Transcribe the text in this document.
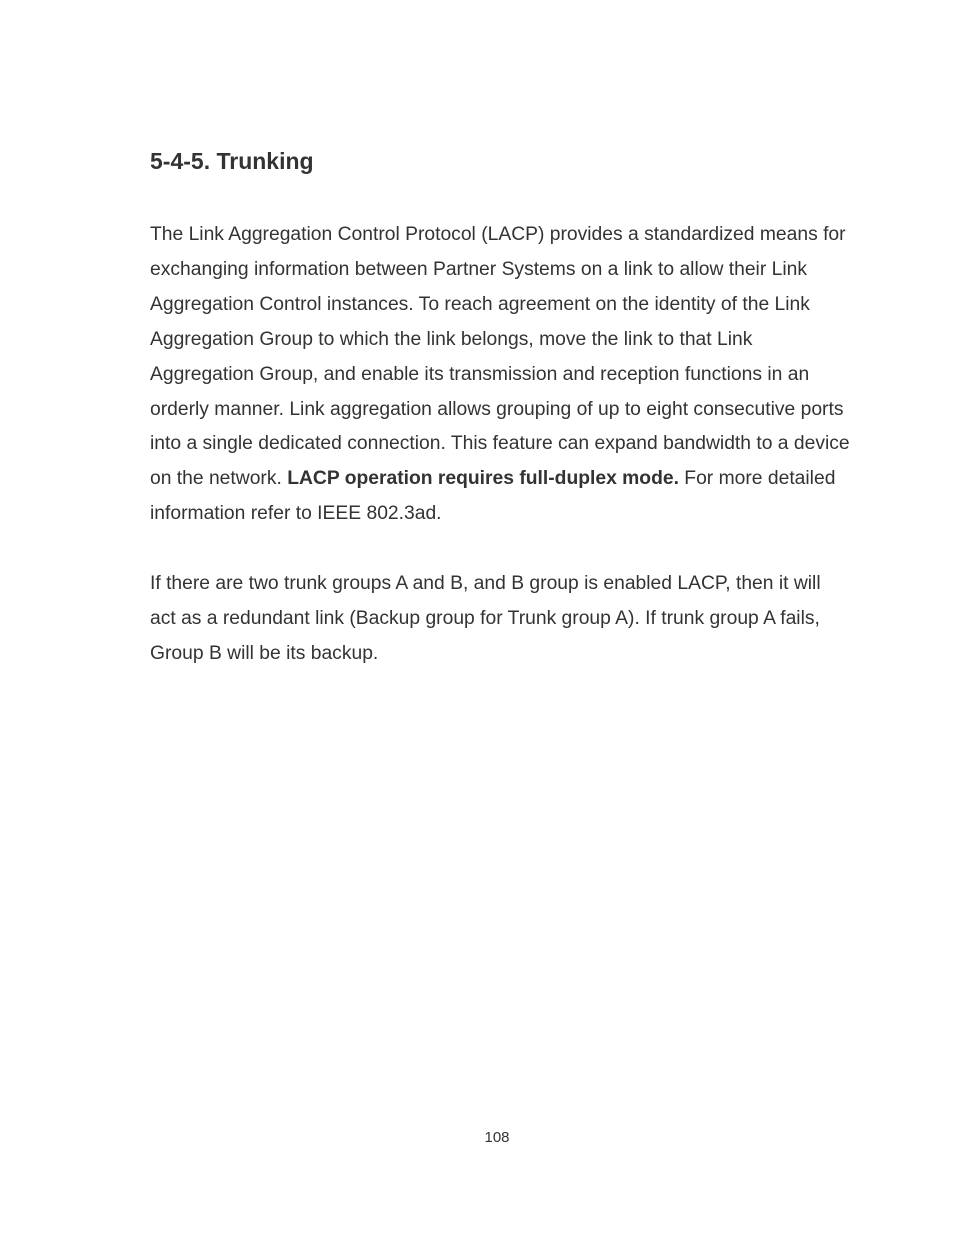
5-4-5. Trunking

The Link Aggregation Control Protocol (LACP) provides a standardized means for exchanging information between Partner Systems on a link to allow their Link Aggregation Control instances. To reach agreement on the identity of the Link Aggregation Group to which the link belongs, move the link to that Link Aggregation Group, and enable its transmission and reception functions in an orderly manner. Link aggregation allows grouping of up to eight consecutive ports into a single dedicated connection. This feature can expand bandwidth to a device on the network. LACP operation requires full-duplex mode. For more detailed information refer to IEEE 802.3ad.

If there are two trunk groups A and B, and B group is enabled LACP, then it will act as a redundant link (Backup group for Trunk group A). If trunk group A fails, Group B will be its backup.

108
